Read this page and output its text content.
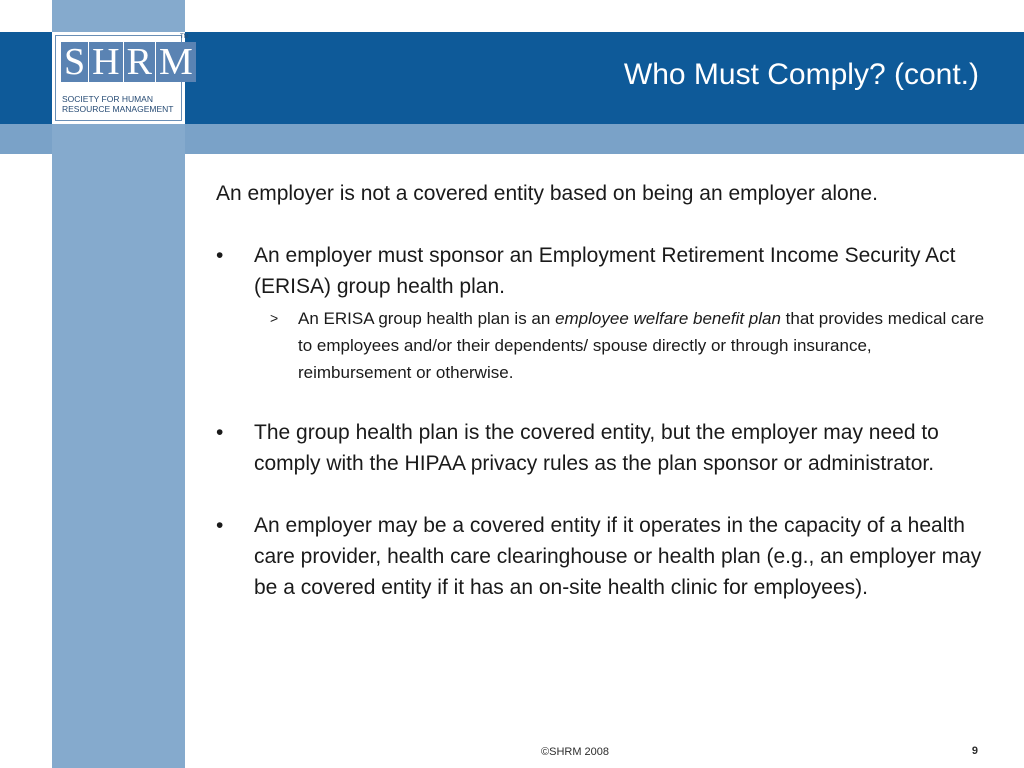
S H R M
SOCIETY FOR HUMAN
RESOURCE MANAGEMENT
TM
Who Must Comply? (cont.)

An employer is not a covered entity based on being an employer alone.

• An employer must sponsor an Employment Retirement Income Security Act (ERISA) group health plan.

> An ERISA group health plan is an employee welfare benefit plan that provides medical care to employees and/or their dependents/ spouse directly or through insurance, reimbursement or otherwise.

• The group health plan is the covered entity, but the employer may need to comply with the HIPAA privacy rules as the plan sponsor or administrator.

• An employer may be a covered entity if it operates in the capacity of a health care provider, health care clearinghouse or health plan (e.g., an employer may be a covered entity if it has an on-site health clinic for employees).

©SHRM 2008	9
